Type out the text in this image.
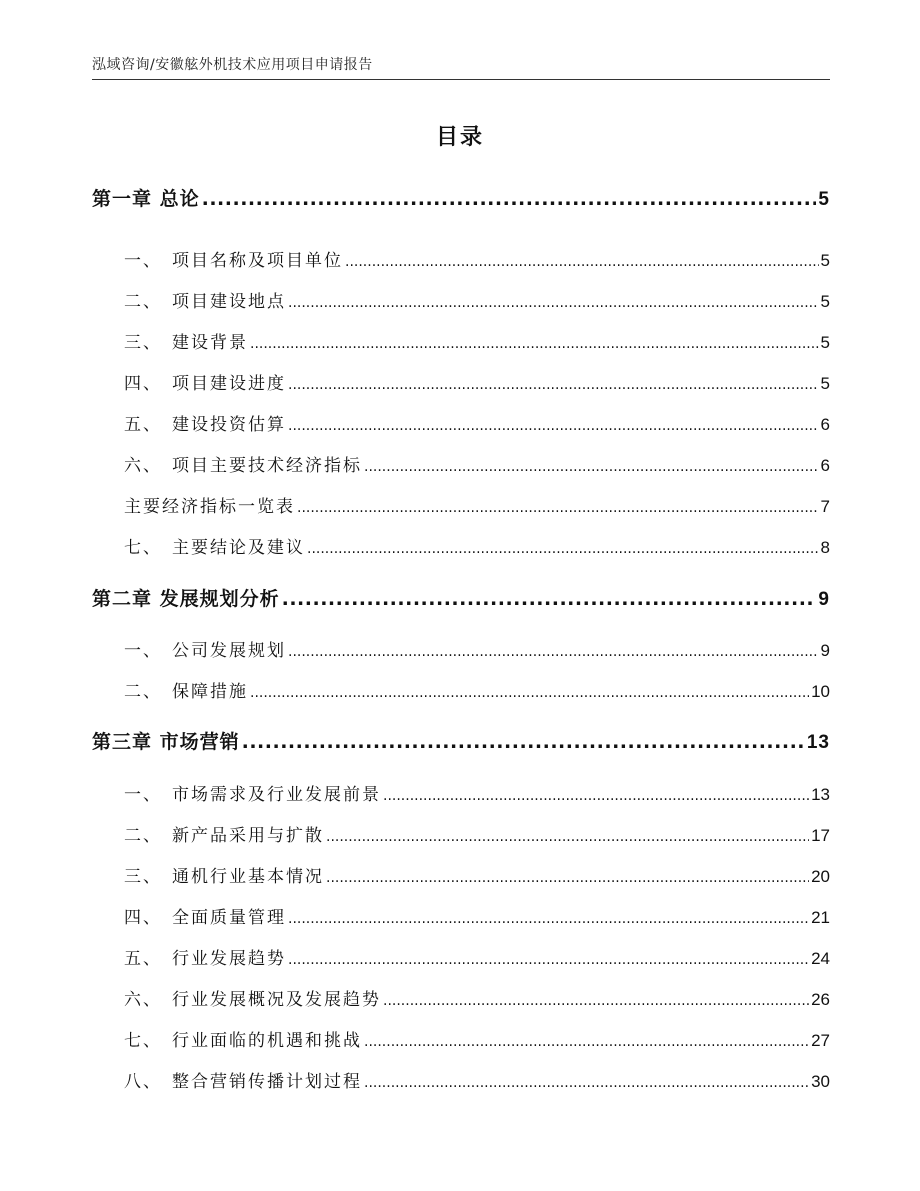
泓域咨询/安徽舷外机技术应用项目申请报告
目录
第一章 总论 .....	5
一、 项目名称及项目单位 .....	5
二、 项目建设地点 .....	5
三、 建设背景 .....	5
四、 项目建设进度 .....	5
五、 建设投资估算 .....	6
六、 项目主要技术经济指标 .....	6
主要经济指标一览表 .....	7
七、 主要结论及建议 .....	8
第二章 发展规划分析 .....	9
一、 公司发展规划 .....	9
二、 保障措施 .....	10
第三章 市场营销 .....	13
一、 市场需求及行业发展前景 .....	13
二、 新产品采用与扩散 .....	17
三、 通机行业基本情况 .....	20
四、 全面质量管理 .....	21
五、 行业发展趋势 .....	24
六、 行业发展概况及发展趋势 .....	26
七、 行业面临的机遇和挑战 .....	27
八、 整合营销传播计划过程 .....	30
